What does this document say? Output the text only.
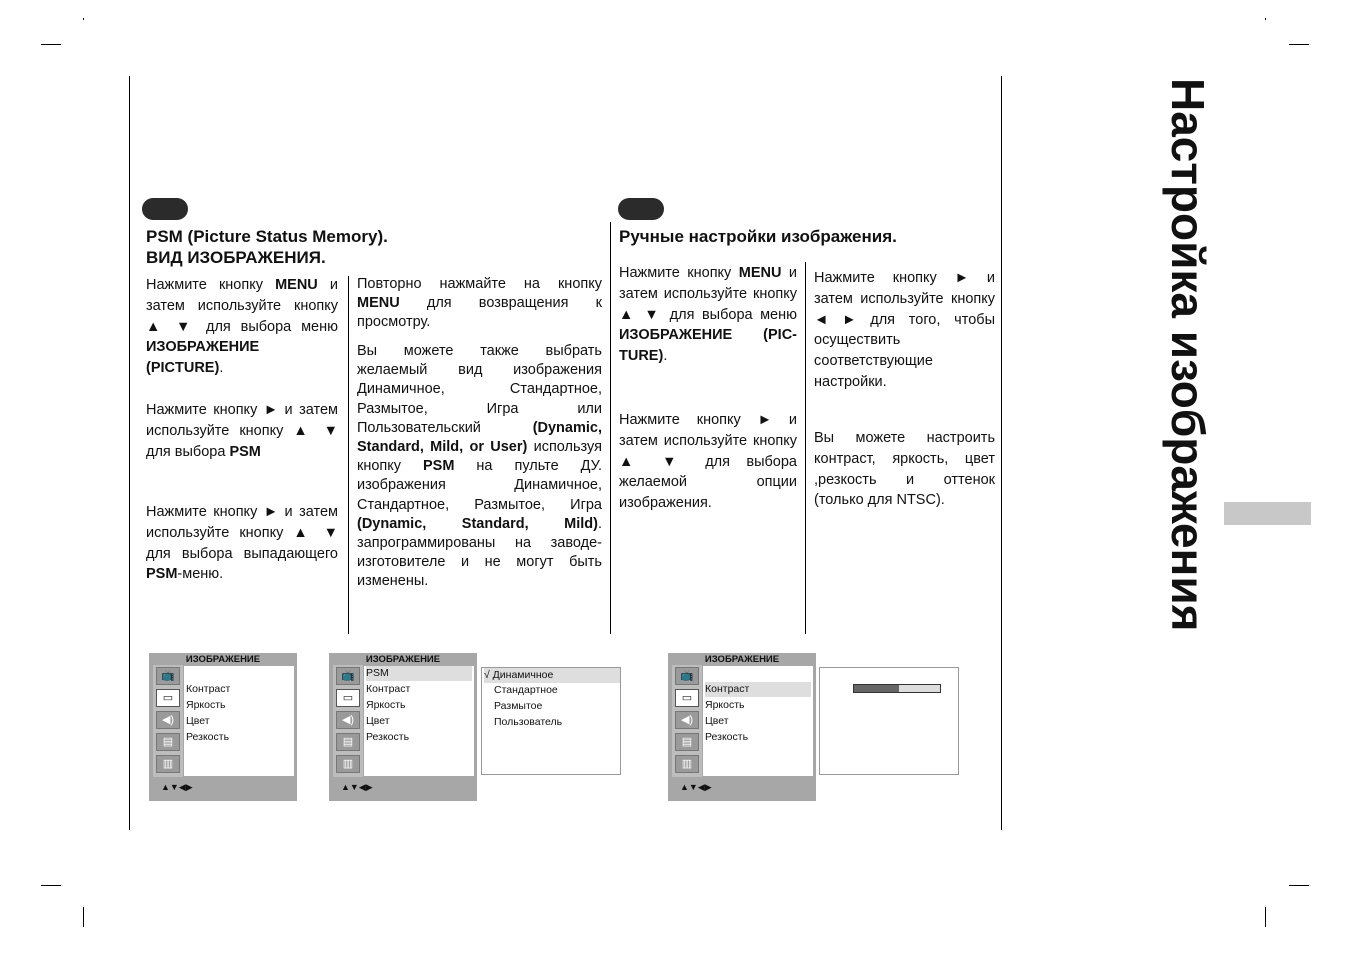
PSM (Picture Status Memory).
ВИД ИЗОБРАЖЕНИЯ.
Ручные настройки изображения.
Нажмите кнопку MENU и затем используйте кнопку ▲ ▼ для выбора меню ИЗОБРАЖЕНИЕ (PICTURE).
Нажмите кнопку ► и затем используйте кнопку ▲ ▼ для выбора PSM
Нажмите кнопку ► и затем используйте кнопку ▲ ▼ для выбора выпадающего PSM-меню.
Повторно нажмайте на кнопку MENU для возвращения к просмотру.
Вы можете также выбрать желаемый вид изображения Динамичное, Стандартное, Размытое, Игра или Пользовательский (Dynamic, Standard, Mild, or User) используя кнопку PSM на пульте ДУ. изображения Динамичное, Стандартное, Размытое, Игра (Dynamic, Standard, Mild). запрограммированы на заводе-изготовителе и не могут быть изменены.
Нажмите кнопку MENU и затем используйте кнопку ▲ ▼ для выбора меню ИЗОБРАЖЕНИЕ (PIC-TURE).
Нажмите кнопку ► и затем используйте кнопку ▲ ▼ для выбора желаемой опции изображения.
Нажмите кнопку ► и затем используйте кнопку ◄ ► для того, чтобы осуществить соответствующие настройки.
Вы можете настроить контраст, яркость, цвет ,резкость и оттенок (только для NTSC).	Настройка изображения
ИЗОБРАЖЕНИЕ
📺
▭
◀)
▤
▥
Контраст
Яркость
Цвет
Резкость
▲▼◀▶
ИЗОБРАЖЕНИЕ
📺
▭
◀)
▤
▥
PSM
Контраст
Яркость
Цвет
Резкость
▲▼◀▶
√ Динамичное
Стандартное
Размытое
Пользователь
ИЗОБРАЖЕНИЕ
📺
▭
◀)
▤
▥
Контраст
Яркость
Цвет
Резкость
▲▼◀▶
